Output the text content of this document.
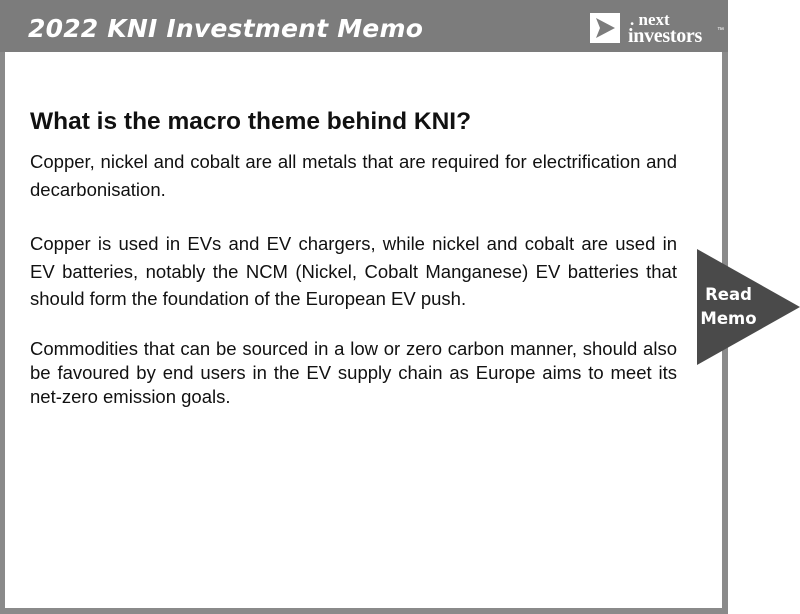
2022 KNI Investment Memo	. next
investors ™
What is the macro theme behind KNI?

Copper, nickel and cobalt are all metals that are required for electrification and decarbonisation.

Copper is used in EVs and EV chargers, while nickel and cobalt are used in EV batteries, notably the NCM (Nickel, Cobalt Manganese) EV batteries that should form the foundation of the European EV push.

Commodities that can be sourced in a low or zero carbon manner, should also be favoured by end users in the EV supply chain as Europe aims to meet its net-zero emission goals.

Read
Memo
